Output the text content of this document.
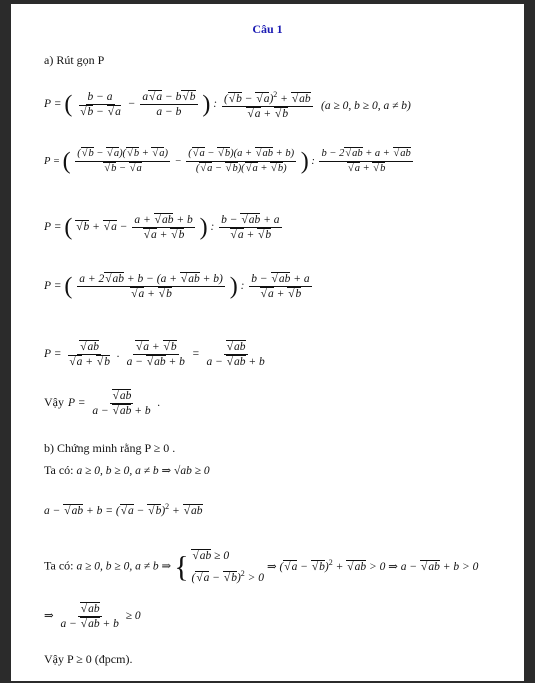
Câu 1
a) Rút gọn P
P = ( b − a
√ b − √ $a - \frac{a √ a - b √ b}{a - b}$ ) : ( √ b − √ a)$^2$ + √ ab
√ a + √ b (a ≥ 0, b ≥ 0, a ≠ b)
P = ( ( √ b − √ a)( √ b + √ a)
√ b − √ $a - \frac{( √ a - √ b)(a + √ ab + b)}{( √ a - √ b)( √ a + √ b)}$ ) : b − 2 √ ab + a + √ ab
√ a + √ b
P = ( √ b + √ a − a + √ ab + b
√ a + √ b ) : b − √ ab + a
√ a + √ b
P = ( a + 2 √ ab + b − (a + √ ab + b)
√ a + √ b ) : b − √ ab + a
√ a + √ b
P = √ ab
√ a + √ b . √ $\frac{a + √ b}{a - √ ab + b}$ = √ $\frac{ab}{a - √ ab + b}$
Vậy P = √ $\frac{ab}{a - √ ab + b}$ .
b) Chứng minh rằng P ≥ 0 .
Ta có: a ≥ 0, b ≥ 0, a ≠ b ⇒ √ab ≥ 0
a − √ ab + b = ( √ a − √ b)$^2$ + √ ab
Ta có: a ≥ 0, b ≥ 0, a ≠ b ⇒ { √ ab ≥ 0
( √ a − √ b)$^2$ > 0
⇒ ( √ a − √ b)$^2$ + √ ab > 0 ⇒ a − √ ab + b > 0
⇒ √ $\frac{ab}{a - √ ab + b} \ge 0$
Vậy P ≥ 0 (đpcm).
